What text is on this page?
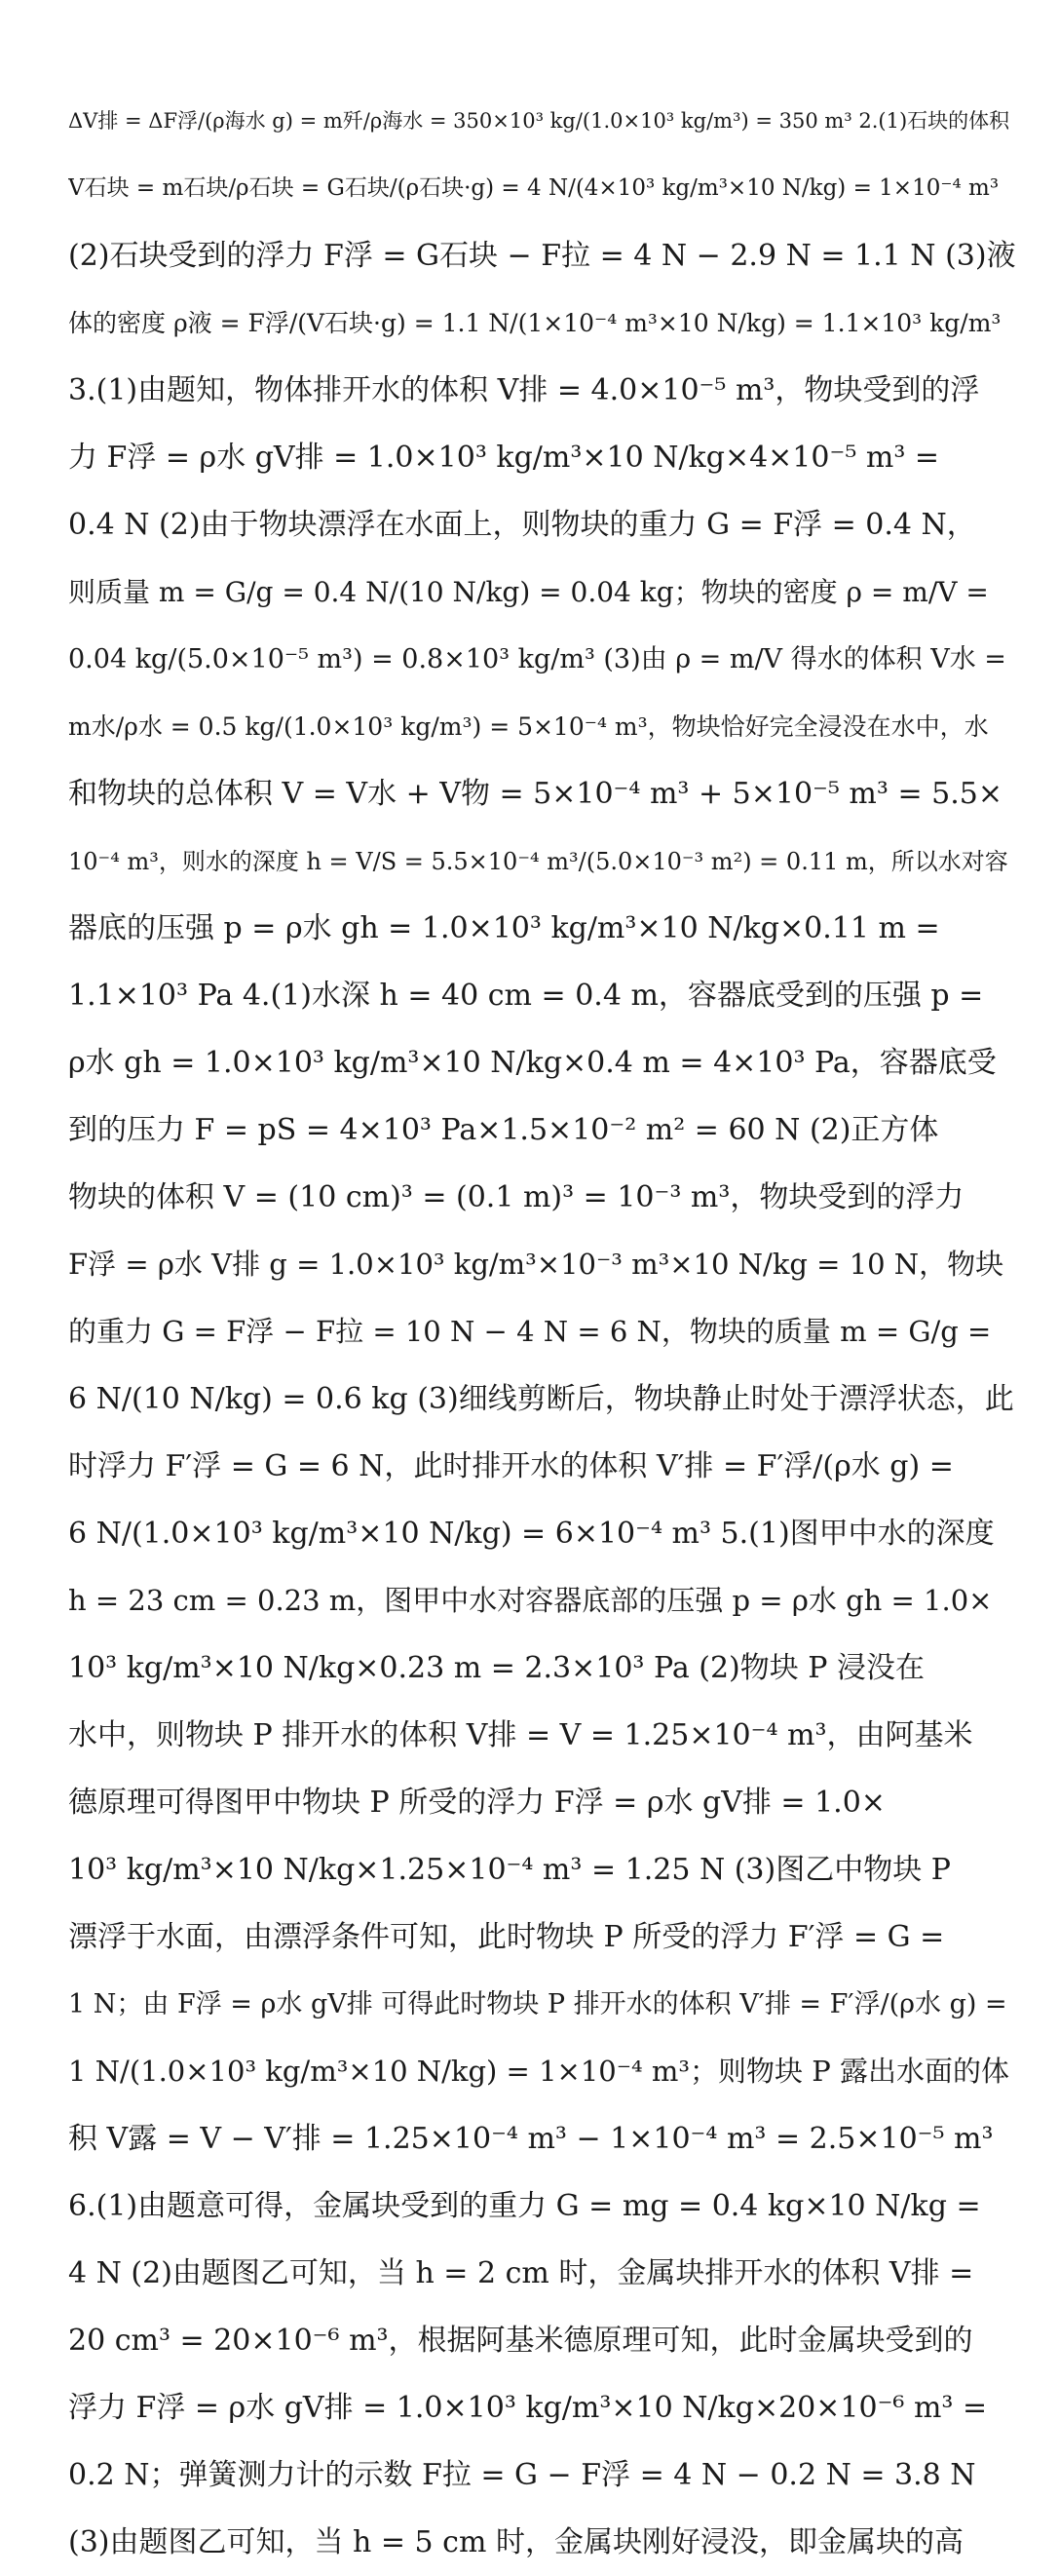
ΔV排 = ΔF浮/(ρ海水 g) = m歼/ρ海水 = 350×10³ kg/(1.0×10³ kg/m³) = 350 m³ 2.(1)石块的体积
V石块 = m石块/ρ石块 = G石块/(ρ石块·g) = 4 N/(4×10³ kg/m³×10 N/kg) = 1×10⁻⁴ m³
(2)石块受到的浮力 F浮 = G石块 − F拉 = 4 N − 2.9 N = 1.1 N (3)液
体的密度 ρ液 = F浮/(V石块·g) = 1.1 N/(1×10⁻⁴ m³×10 N/kg) = 1.1×10³ kg/m³
3.(1)由题知，物体排开水的体积 V排 = 4.0×10⁻⁵ m³，物块受到的浮
力 F浮 = ρ水 gV排 = 1.0×10³ kg/m³×10 N/kg×4×10⁻⁵ m³ =
0.4 N (2)由于物块漂浮在水面上，则物块的重力 G = F浮 = 0.4 N，
则质量 m = G/g = 0.4 N/(10 N/kg) = 0.04 kg；物块的密度 ρ = m/V =
0.04 kg/(5.0×10⁻⁵ m³) = 0.8×10³ kg/m³ (3)由 ρ = m/V 得水的体积 V水 =
m水/ρ水 = 0.5 kg/(1.0×10³ kg/m³) = 5×10⁻⁴ m³，物块恰好完全浸没在水中，水
和物块的总体积 V = V水 + V物 = 5×10⁻⁴ m³ + 5×10⁻⁵ m³ = 5.5×
10⁻⁴ m³，则水的深度 h = V/S = 5.5×10⁻⁴ m³/(5.0×10⁻³ m²) = 0.11 m，所以水对容
器底的压强 p = ρ水 gh = 1.0×10³ kg/m³×10 N/kg×0.11 m =
1.1×10³ Pa 4.(1)水深 h = 40 cm = 0.4 m，容器底受到的压强 p =
ρ水 gh = 1.0×10³ kg/m³×10 N/kg×0.4 m = 4×10³ Pa，容器底受
到的压力 F = pS = 4×10³ Pa×1.5×10⁻² m² = 60 N (2)正方体
物块的体积 V = (10 cm)³ = (0.1 m)³ = 10⁻³ m³，物块受到的浮力
F浮 = ρ水 V排 g = 1.0×10³ kg/m³×10⁻³ m³×10 N/kg = 10 N，物块
的重力 G = F浮 − F拉 = 10 N − 4 N = 6 N，物块的质量 m = G/g =
6 N/(10 N/kg) = 0.6 kg (3)细线剪断后，物块静止时处于漂浮状态，此
时浮力 F′浮 = G = 6 N，此时排开水的体积 V′排 = F′浮/(ρ水 g) =
6 N/(1.0×10³ kg/m³×10 N/kg) = 6×10⁻⁴ m³ 5.(1)图甲中水的深度
h = 23 cm = 0.23 m，图甲中水对容器底部的压强 p = ρ水 gh = 1.0×
10³ kg/m³×10 N/kg×0.23 m = 2.3×10³ Pa (2)物块 P 浸没在
水中，则物块 P 排开水的体积 V排 = V = 1.25×10⁻⁴ m³，由阿基米
德原理可得图甲中物块 P 所受的浮力 F浮 = ρ水 gV排 = 1.0×
10³ kg/m³×10 N/kg×1.25×10⁻⁴ m³ = 1.25 N (3)图乙中物块 P
漂浮于水面，由漂浮条件可知，此时物块 P 所受的浮力 F′浮 = G =
1 N；由 F浮 = ρ水 gV排 可得此时物块 P 排开水的体积 V′排 = F′浮/(ρ水 g) =
1 N/(1.0×10³ kg/m³×10 N/kg) = 1×10⁻⁴ m³；则物块 P 露出水面的体
积 V露 = V − V′排 = 1.25×10⁻⁴ m³ − 1×10⁻⁴ m³ = 2.5×10⁻⁵ m³
6.(1)由题意可得，金属块受到的重力 G = mg = 0.4 kg×10 N/kg =
4 N (2)由题图乙可知，当 h = 2 cm 时，金属块排开水的体积 V排 =
20 cm³ = 20×10⁻⁶ m³，根据阿基米德原理可知，此时金属块受到的
浮力 F浮 = ρ水 gV排 = 1.0×10³ kg/m³×10 N/kg×20×10⁻⁶ m³ =
0.2 N；弹簧测力计的示数 F拉 = G − F浮 = 4 N − 0.2 N = 3.8 N
(3)由题图乙可知，当 h = 5 cm 时，金属块刚好浸没，即金属块的高
